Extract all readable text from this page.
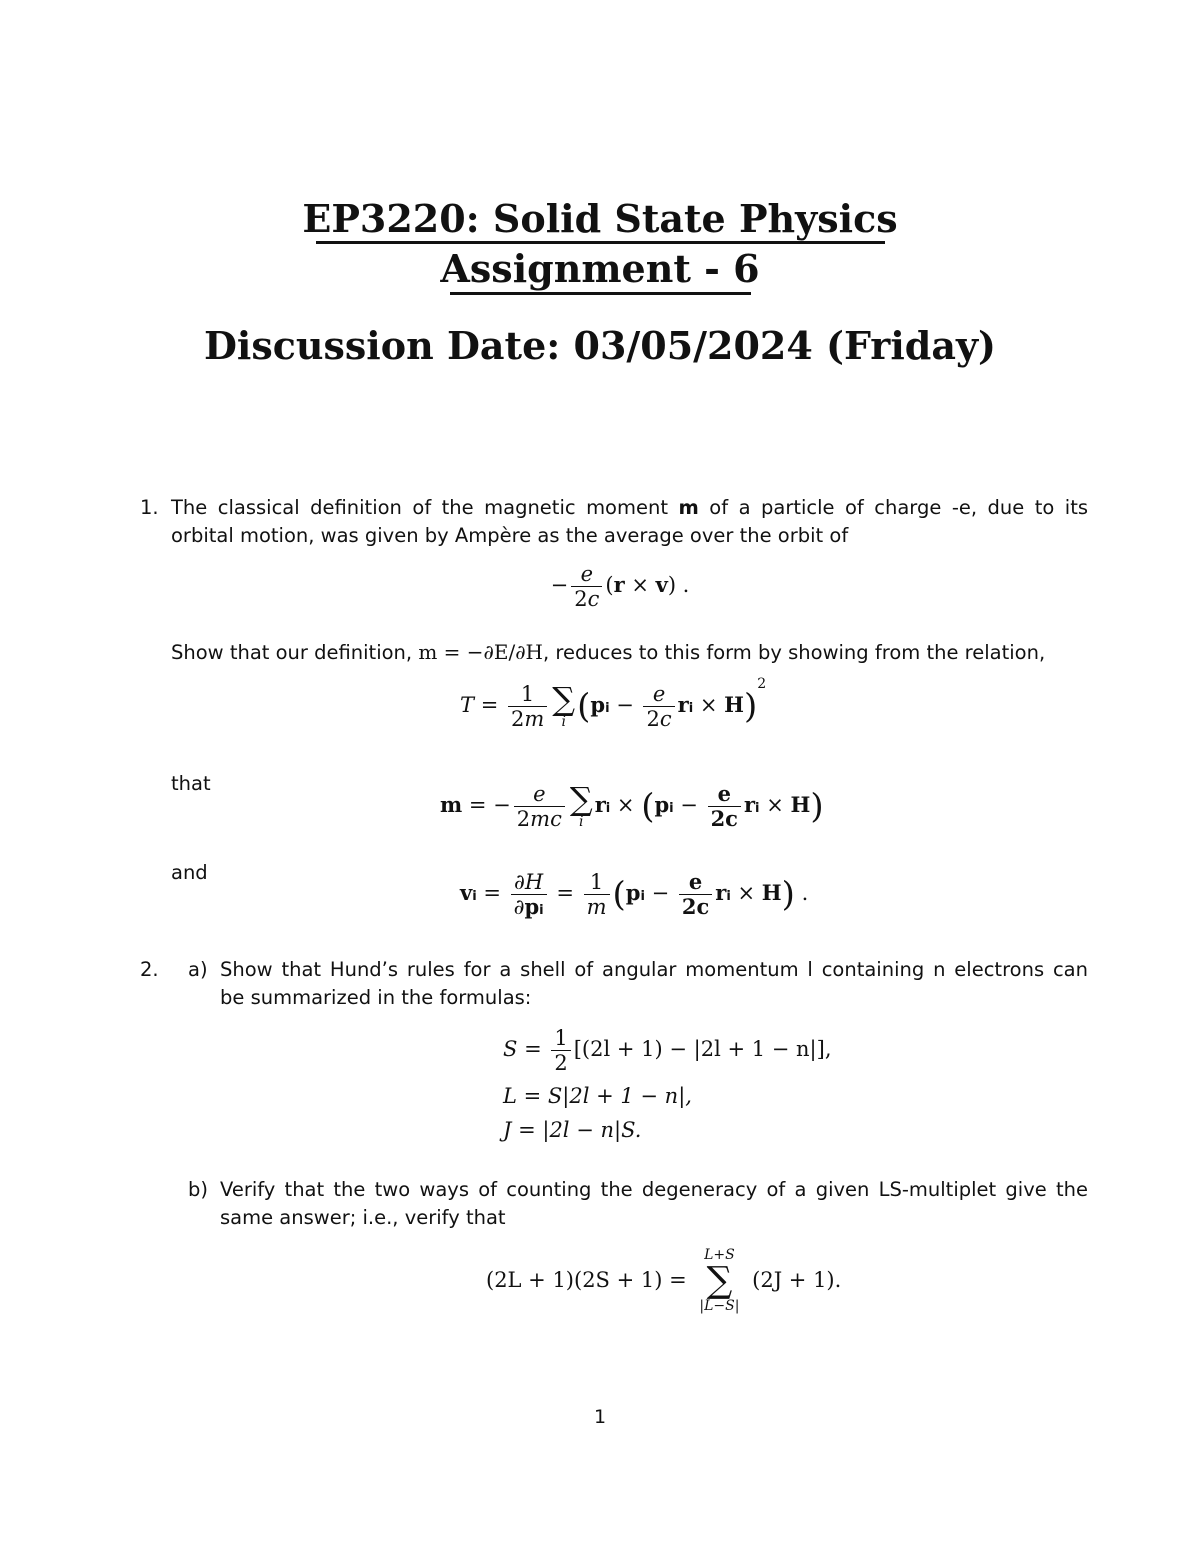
EP3220: Solid State Physics
Assignment - 6
Discussion Date: 03/05/2024 (Friday)
1. The classical definition of the magnetic moment m of a particle of charge -e, due to its
orbital motion, was given by Ampère as the average over the orbit of
− $\frac{e}{2c} (r \times v)$ .
Show that our definition, m = −∂E/∂H, reduces to this form by showing from the relation,
$T = \frac{1}{2m}$ ∑
i ($pi - \frac{e}{2c}$ ri × H)$^2$
that
m = − $\frac{e}{2mc}$ ∑
i
ri × ($pi - \frac{e}{2c}$ ri × H)
and
vi = $\frac{\partial H}{\partial pi} = \frac{1}{m} (pi - \frac{e}{2c}$ ri × H) .
2. a) Show that Hund’s rules for a shell of angular momentum l containing n electrons can
be summarized in the formulas:
$S = \frac{1}{2} [(2l + 1) - |2l + 1 - n|]$,
L = S|2l + 1 − n|,
J = |2l − n|S.
b) Verify that the two ways of counting the degeneracy of a given LS-multiplet give the
same answer; i.e., verify that
(2L + 1)(2S + 1) =
L+S
∑
|L−S|
(2J + 1).
1
